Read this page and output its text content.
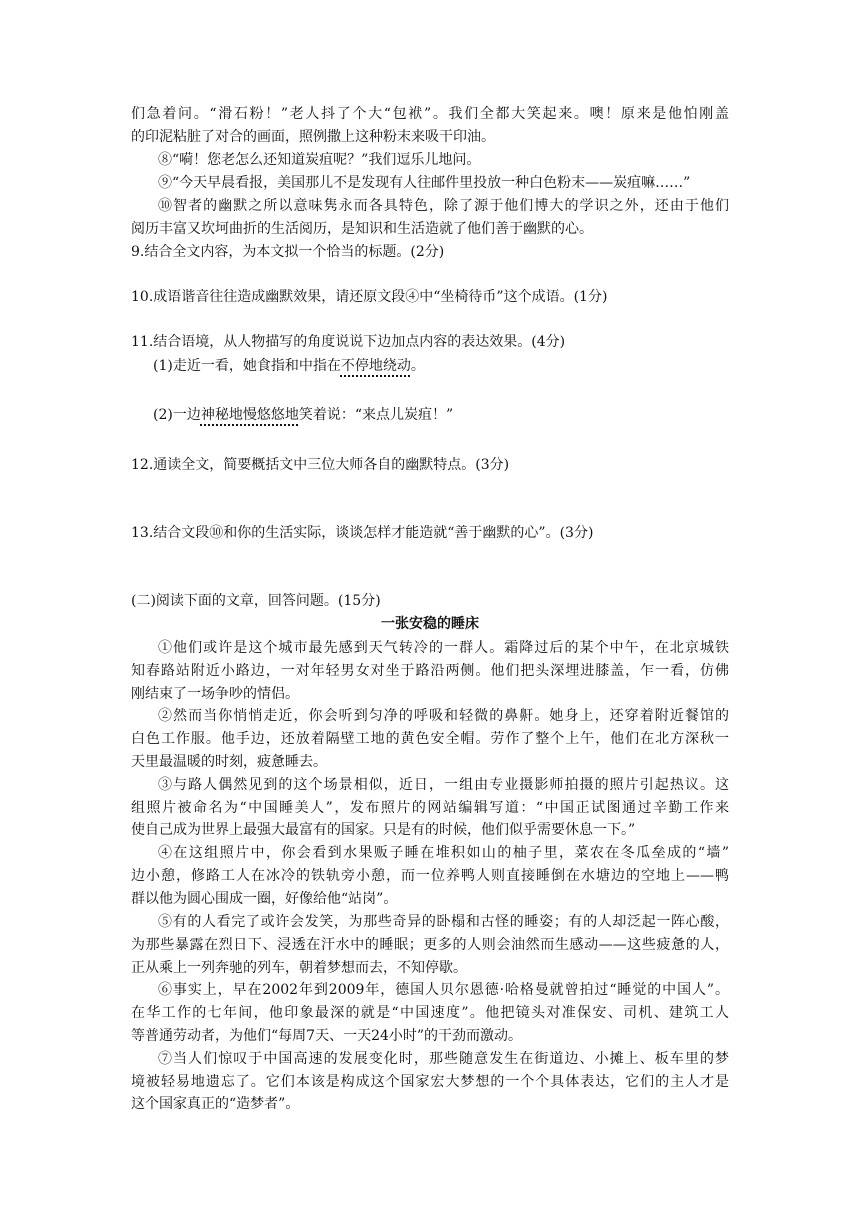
们急着问。“滑石粉！”老人抖了个大“包袱”。我们全都大笑起来。噢！原来是他怕刚盖
的印泥粘脏了对合的画面，照例撒上这种粉末来吸干印油。
⑧“嗬！您老怎么还知道炭疽呢？”我们逗乐儿地问。
⑨“今天早晨看报，美国那儿不是发现有人往邮件里投放一种白色粉末——炭疽嘛……”
⑩智者的幽默之所以意味隽永而各具特色，除了源于他们博大的学识之外，还由于他们
阅历丰富又坎坷曲折的生活阅历，是知识和生活造就了他们善于幽默的心。
9.结合全文内容，为本文拟一个恰当的标题。(2分)
10.成语谐音往往造成幽默效果，请还原文段④中“坐椅待币”这个成语。(1分)
11.结合语境，从人物描写的角度说说下边加点内容的表达效果。(4分)
(1)走近一看，她食指和中指在不停地绕动。
(2)一边神秘地慢悠悠地笑着说：“来点儿炭疽！”
12.通读全文，简要概括文中三位大师各自的幽默特点。(3分)
13.结合文段⑩和你的生活实际，谈谈怎样才能造就“善于幽默的心”。(3分)
(二)阅读下面的文章，回答问题。(15分)
一张安稳的睡床
①他们或许是这个城市最先感到天气转冷的一群人。霜降过后的某个中午，在北京城铁
知春路站附近小路边，一对年轻男女对坐于路沿两侧。他们把头深埋进膝盖，乍一看，仿佛
刚结束了一场争吵的情侣。
②然而当你悄悄走近，你会听到匀净的呼吸和轻微的鼻鼾。她身上，还穿着附近餐馆的
白色工作服。他手边，还放着隔壁工地的黄色安全帽。劳作了整个上午，他们在北方深秋一
天里最温暖的时刻，疲惫睡去。
③与路人偶然见到的这个场景相似，近日，一组由专业摄影师拍摄的照片引起热议。这
组照片被命名为“中国睡美人”，发布照片的网站编辑写道：“中国正试图通过辛勤工作来
使自己成为世界上最强大最富有的国家。只是有的时候，他们似乎需要休息一下。”
④在这组照片中，你会看到水果贩子睡在堆积如山的柚子里，菜农在冬瓜垒成的“墙”
边小憩，修路工人在冰冷的铁轨旁小憩，而一位养鸭人则直接睡倒在水塘边的空地上——鸭
群以他为圆心围成一圈，好像给他“站岗”。
⑤有的人看完了或许会发笑，为那些奇异的卧榻和古怪的睡姿；有的人却泛起一阵心酸，
为那些暴露在烈日下、浸透在汗水中的睡眠；更多的人则会油然而生感动——这些疲惫的人，
正从乘上一列奔驰的列车，朝着梦想而去，不知停歇。
⑥事实上，早在2002年到2009年，德国人贝尔恩德·哈格曼就曾拍过“睡觉的中国人”。
在华工作的七年间，他印象最深的就是“中国速度”。他把镜头对准保安、司机、建筑工人
等普通劳动者，为他们“每周7天、一天24小时”的干劲而激动。
⑦当人们惊叹于中国高速的发展变化时，那些随意发生在街道边、小摊上、板车里的梦
境被轻易地遗忘了。它们本该是构成这个国家宏大梦想的一个个具体表达，它们的主人才是
这个国家真正的“造梦者”。
